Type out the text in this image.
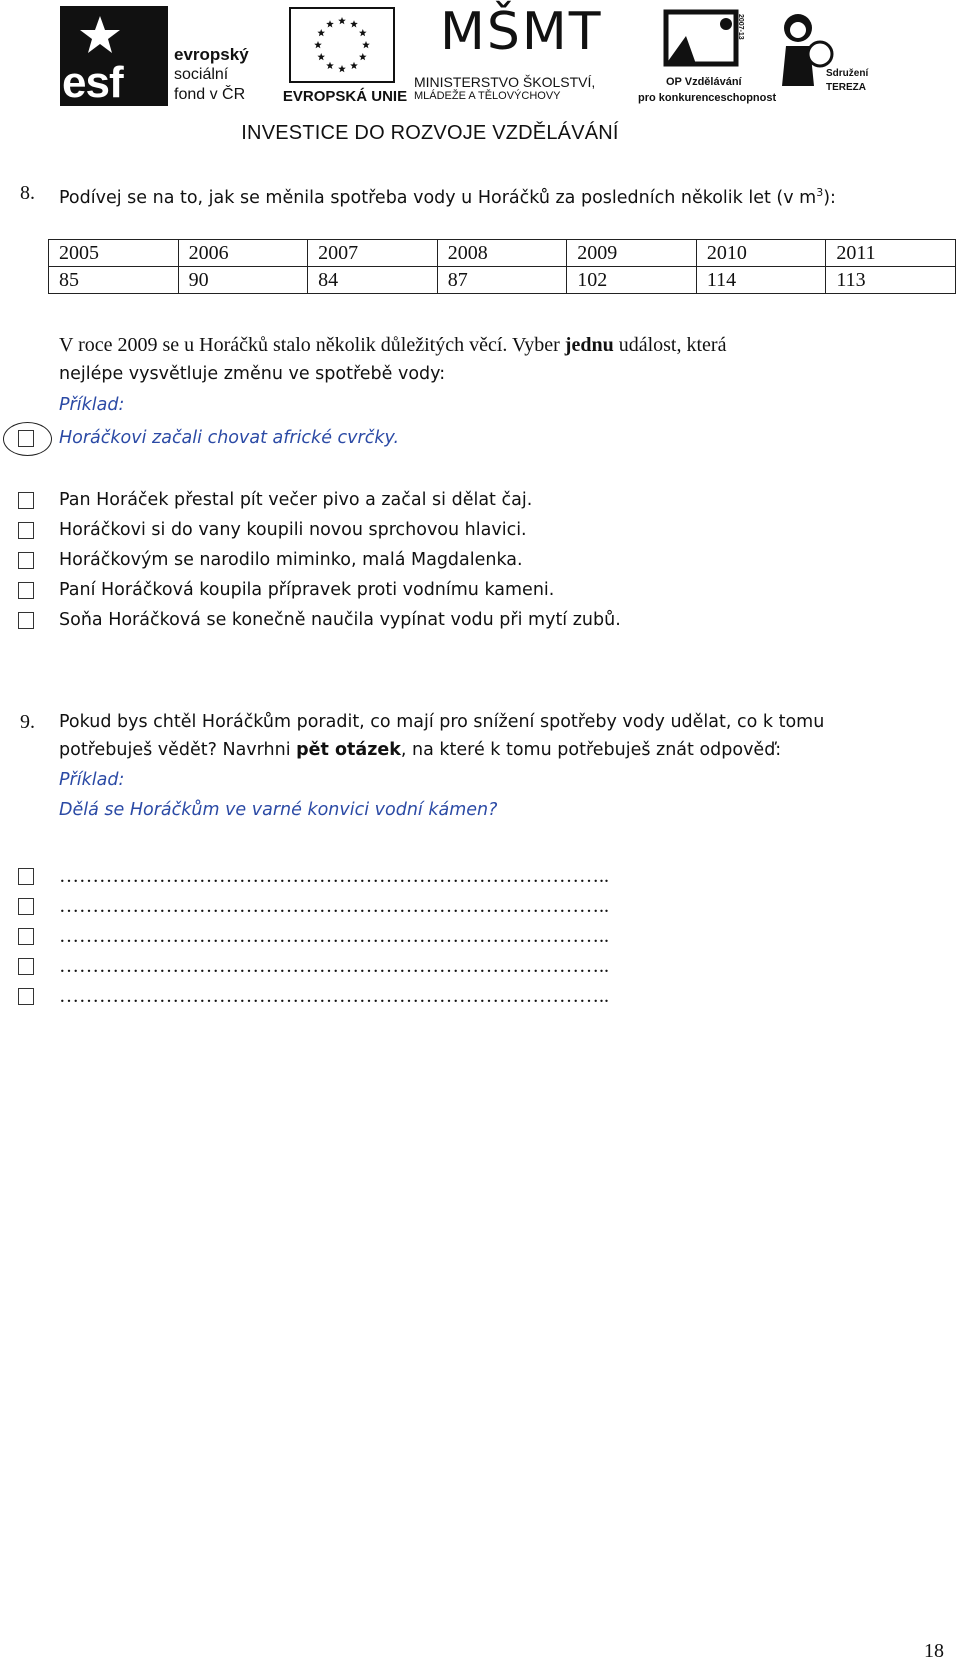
esf
evropský
sociální
fond v ČR	EVROPSKÁ UNIE
MŠMT
MINISTERSTVO ŠKOLSTVÍ,
MLÁDEŽE A TĚLOVÝCHOVY
2007-13
OP Vzdělávání
pro konkurenceschopnost
Sdružení
TEREZA
INVESTICE DO ROZVOJE VZDĚLÁVÁNÍ
8. Podívej se na to, jak se měnila spotřeba vody u Horáčků za posledních několik let (v $m^3$):
2005	2006	2007	2008	2009	2010	2011
85	90	84	87	102	114	113
V roce 2009 se u Horáčků stalo několik důležitých věcí. Vyber jednu událost, která
nejlépe vysvětluje změnu ve spotřebě vody:
Příklad:
Horáčkovi začali chovat africké cvrčky.
Pan Horáček přestal pít večer pivo a začal si dělat čaj.
Horáčkovi si do vany koupili novou sprchovou hlavici.
Horáčkovým se narodilo miminko, malá Magdalenka.
Paní Horáčková koupila přípravek proti vodnímu kameni.
Soňa Horáčková se konečně naučila vypínat vodu při mytí zubů.
9. Pokud bys chtěl Horáčkům poradit, co mají pro snížení spotřeby vody udělat, co k tomu
potřebuješ vědět? Navrhni pět otázek, na které k tomu potřebuješ znát odpověď:
Příklad:
Dělá se Horáčkům ve varné konvici vodní kámen?
………………………………………………………………………..
………………………………………………………………………..
………………………………………………………………………..
………………………………………………………………………..
………………………………………………………………………..
18
